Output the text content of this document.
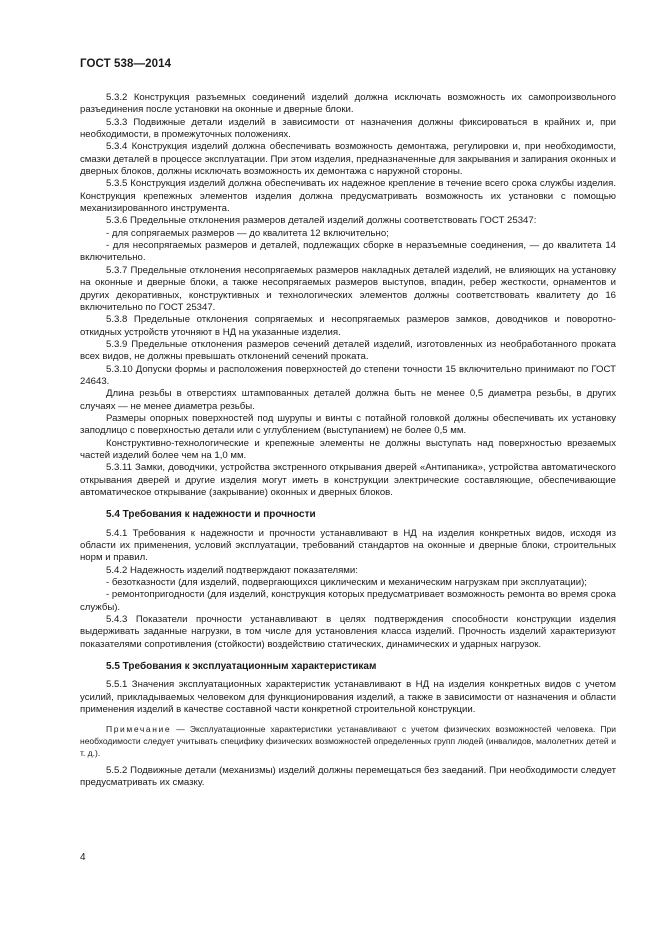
ГОСТ 538—2014

5.3.2 Конструкция разъемных соединений изделий должна исключать возможность их самопроизвольного разъединения после установки на оконные и дверные блоки.

5.3.3 Подвижные детали изделий в зависимости от назначения должны фиксироваться в крайних и, при необходимости, в промежуточных положениях.

5.3.4 Конструкция изделий должна обеспечивать возможность демонтажа, регулировки и, при необходимости, смазки деталей в процессе эксплуатации. При этом изделия, предназначенные для закрывания и запирания оконных и дверных блоков, должны исключать возможность их демонтажа с наружной стороны.

5.3.5 Конструкция изделий должна обеспечивать их надежное крепление в течение всего срока службы изделия. Конструкция крепежных элементов изделия должна предусматривать возможность их установки с помощью механизированного инструмента.

5.3.6 Предельные отклонения размеров деталей изделий должны соответствовать ГОСТ 25347:

- для сопрягаемых размеров — до квалитета 12 включительно;

- для несопрягаемых размеров и деталей, подлежащих сборке в неразъемные соединения, — до квалитета 14 включительно.

5.3.7 Предельные отклонения несопрягаемых размеров накладных деталей изделий, не влияющих на установку на оконные и дверные блоки, а также несопрягаемых размеров выступов, впадин, ребер жесткости, орнаментов и других декоративных, конструктивных и технологических элементов должны соответствовать квалитету до 16 включительно по ГОСТ 25347.

5.3.8 Предельные отклонения сопрягаемых и несопрягаемых размеров замков, доводчиков и поворотно-откидных устройств уточняют в НД на указанные изделия.

5.3.9 Предельные отклонения размеров сечений деталей изделий, изготовленных из необработанного проката всех видов, не должны превышать отклонений сечений проката.

5.3.10 Допуски формы и расположения поверхностей до степени точности 15 включительно принимают по ГОСТ 24643.

Длина резьбы в отверстиях штампованных деталей должна быть не менее 0,5 диаметра резьбы, в других случаях — не менее диаметра резьбы.

Размеры опорных поверхностей под шурупы и винты с потайной головкой должны обеспечивать их установку заподлицо с поверхностью детали или с углублением (выступанием) не более 0,5 мм.

Конструктивно-технологические и крепежные элементы не должны выступать над поверхностью врезаемых частей изделий более чем на 1,0 мм.

5.3.11 Замки, доводчики, устройства экстренного открывания дверей «Антипаника», устройства автоматического открывания дверей и другие изделия могут иметь в конструкции электрические составляющие, обеспечивающие автоматическое открывание (закрывание) оконных и дверных блоков.

5.4 Требования к надежности и прочности

5.4.1 Требования к надежности и прочности устанавливают в НД на изделия конкретных видов, исходя из области их применения, условий эксплуатации, требований стандартов на оконные и дверные блоки, строительных норм и правил.

5.4.2 Надежность изделий подтверждают показателями:

- безотказности (для изделий, подвергающихся циклическим и механическим нагрузкам при эксплуатации);

- ремонтопригодности (для изделий, конструкция которых предусматривает возможность ремонта во время срока службы).

5.4.3 Показатели прочности устанавливают в целях подтверждения способности конструкции изделия выдерживать заданные нагрузки, в том числе для установления класса изделий. Прочность изделий характеризуют показателями сопротивления (стойкости) воздействию статических, динамических и ударных нагрузок.

5.5 Требования к эксплуатационным характеристикам

5.5.1 Значения эксплуатационных характеристик устанавливают в НД на изделия конкретных видов с учетом усилий, прикладываемых человеком для функционирования изделий, а также в зависимости от назначения и области применения изделий в качестве составной части конкретной строительной конструкции.

Примечание — Эксплуатационные характеристики устанавливают с учетом физических возможностей человека. При необходимости следует учитывать специфику физических возможностей определенных групп людей (инвалидов, малолетних детей и т. д.).

5.5.2 Подвижные детали (механизмы) изделий должны перемещаться без заеданий. При необходимости следует предусматривать их смазку.

4
